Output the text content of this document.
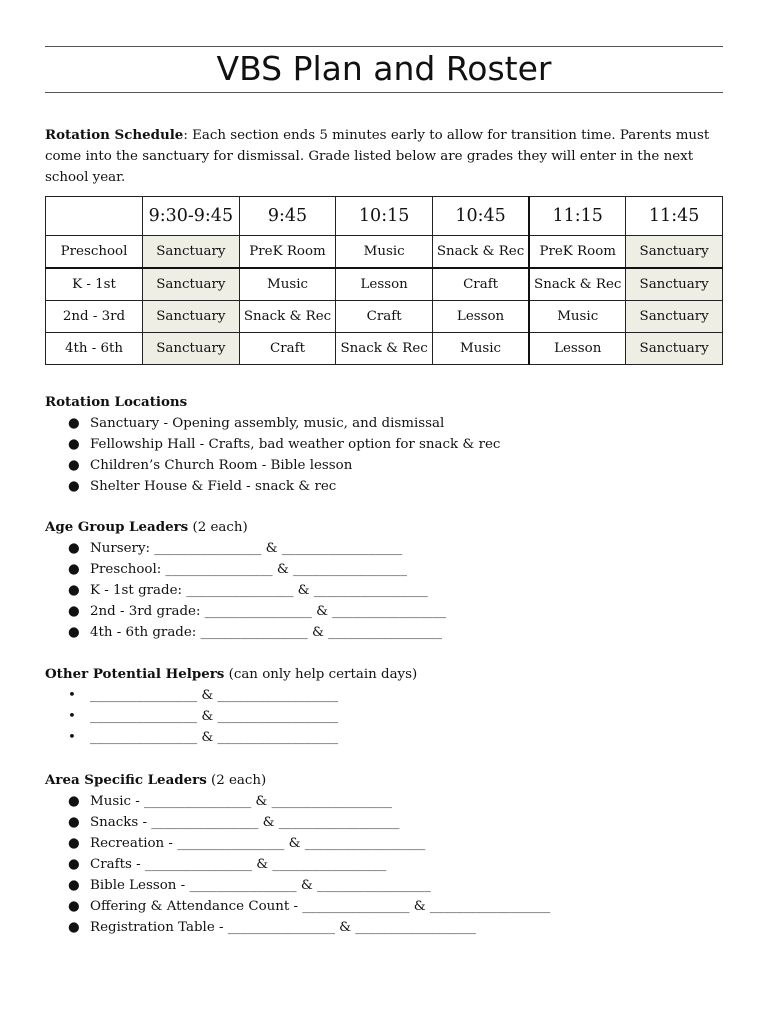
VBS Plan and Roster

Rotation Schedule: Each section ends 5 minutes early to allow for transition time. Parents must come into the sanctuary for dismissal. Grade listed below are grades they will enter in the next school year.

	9:30-9:45	9:45	10:15	10:45	11:15	11:45
Preschool	Sanctuary	PreK Room	Music	Snack & Rec	PreK Room	Sanctuary
K - 1st	Sanctuary	Music	Lesson	Craft	Snack & Rec	Sanctuary
2nd - 3rd	Sanctuary	Snack & Rec	Craft	Lesson	Music	Sanctuary
4th - 6th	Sanctuary	Craft	Snack & Rec	Music	Lesson	Sanctuary
Rotation Locations
● Sanctuary - Opening assembly, music, and dismissal
● Fellowship Hall - Crafts, bad weather option for snack & rec
● Children’s Church Room - Bible lesson
● Shelter House & Field - snack & rec
Age Group Leaders (2 each)
● Nursery: ________________ & __________________
● Preschool: ________________ & _________________
● K - 1st grade: ________________ & _________________
● 2nd - 3rd grade: ________________ & _________________
● 4th - 6th grade: ________________ & _________________
Other Potential Helpers (can only help certain days)
• ________________ & __________________
• ________________ & __________________
• ________________ & __________________
Area Specific Leaders (2 each)
● Music - ________________ & __________________
● Snacks - ________________ & __________________
● Recreation - ________________ & __________________
● Crafts - ________________ & _________________
● Bible Lesson - ________________ & _________________
● Offering & Attendance Count - ________________ & __________________
● Registration Table - ________________ & __________________
